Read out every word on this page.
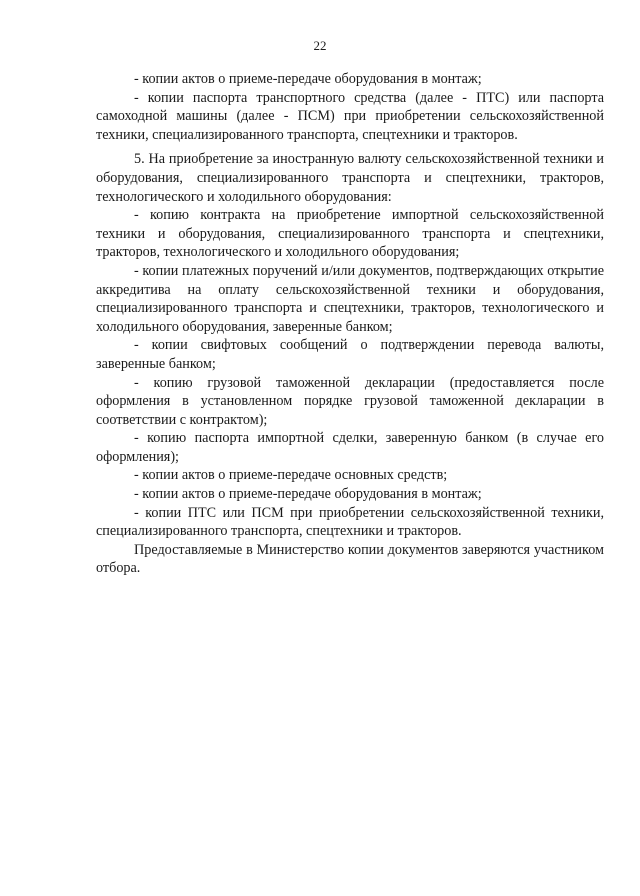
22

- копии актов о приеме-передаче оборудования в монтаж;

- копии паспорта транспортного средства (далее - ПТС) или паспорта самоходной машины (далее - ПСМ) при приобретении сельскохозяйственной техники, специализированного транспорта, спецтехники и тракторов.

5. На приобретение за иностранную валюту сельскохозяйственной техники и оборудования, специализированного транспорта и спецтехники, тракторов, технологического и холодильного оборудования:

- копию контракта на приобретение импортной сельскохозяйственной техники и оборудования, специализированного транспорта и спецтехники, тракторов, технологического и холодильного оборудования;

- копии платежных поручений и/или документов, подтверждающих открытие аккредитива на оплату сельскохозяйственной техники и оборудования, специализированного транспорта и спецтехники, тракторов, технологического и холодильного оборудования, заверенные банком;

- копии свифтовых сообщений о подтверждении перевода валюты, заверенные банком;

- копию грузовой таможенной декларации (предоставляется после оформления в установленном порядке грузовой таможенной декларации в соответствии с контрактом);

- копию паспорта импортной сделки, заверенную банком (в случае его оформления);

- копии актов о приеме-передаче основных средств;

- копии актов о приеме-передаче оборудования в монтаж;

- копии ПТС или ПСМ при приобретении сельскохозяйственной техники, специализированного транспорта, спецтехники и тракторов.

Предоставляемые в Министерство копии документов заверяются участником отбора.
